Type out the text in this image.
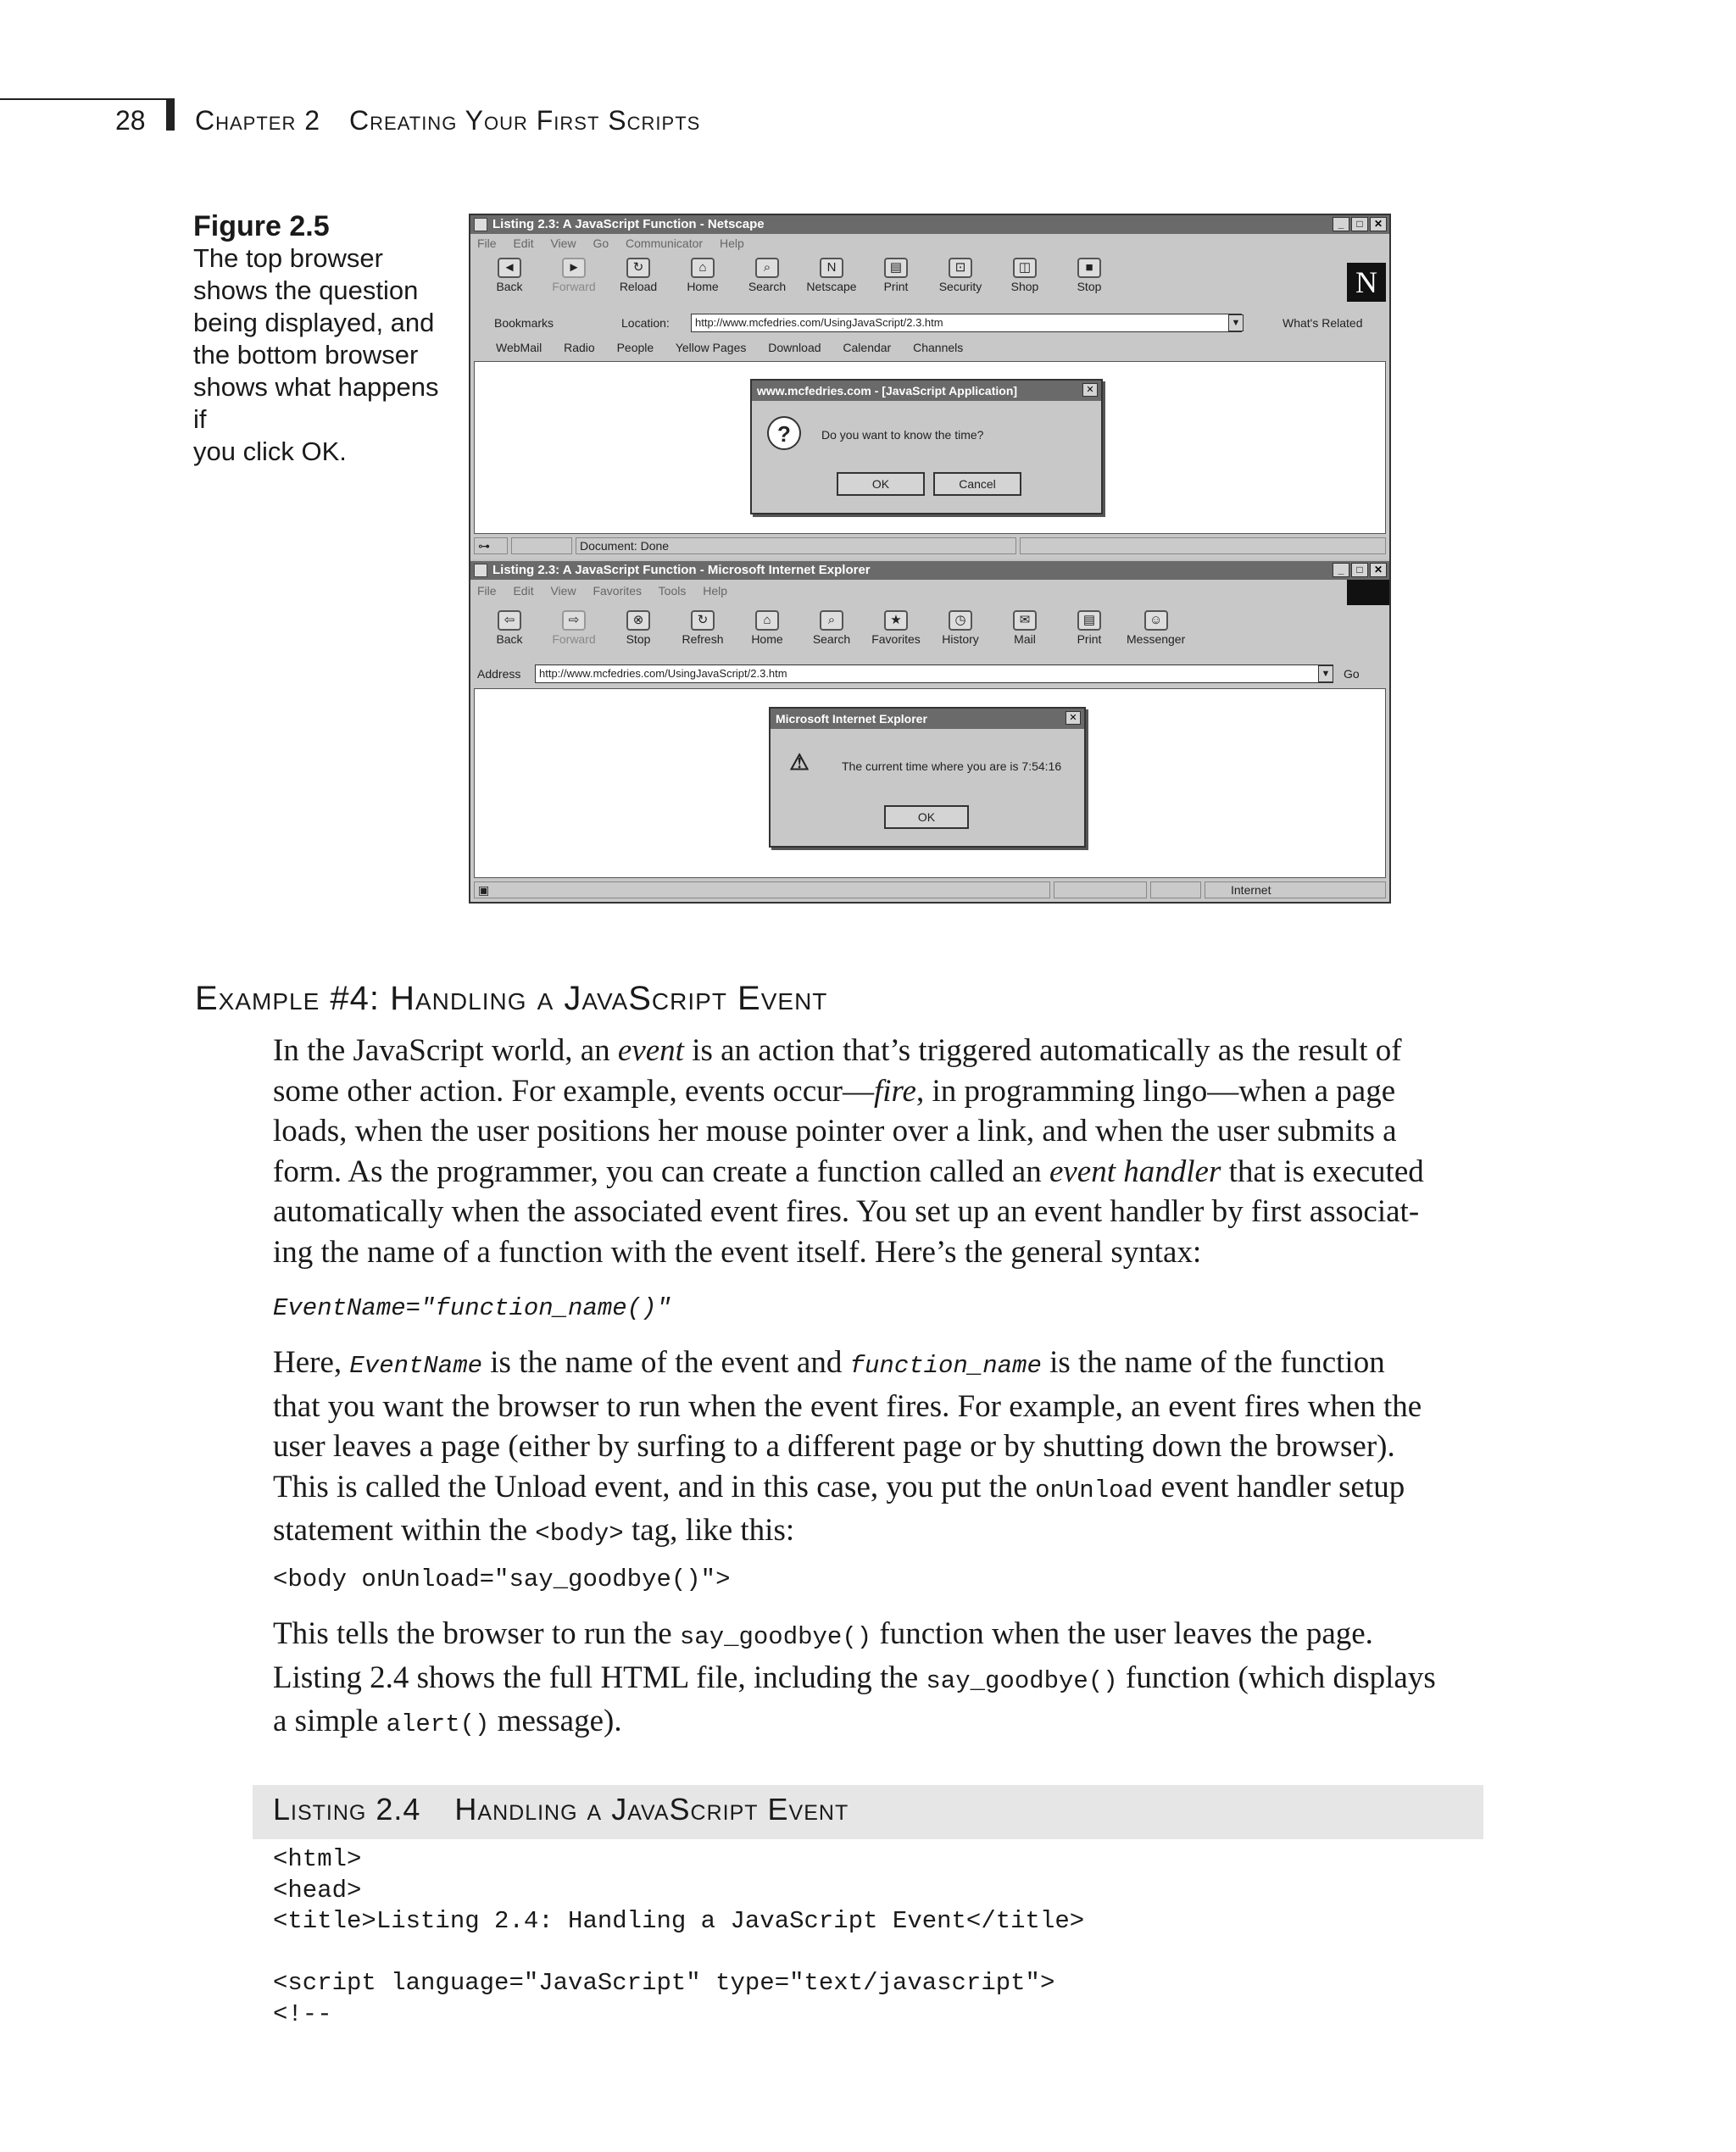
28 Chapter 2 Creating Your First Scripts
Figure 2.5
The top browser
shows the question
being displayed, and
the bottom browser
shows what happens if
you click OK.
Listing 2.3: A JavaScript Function - Netscape	_	□	✕
File Edit View Go Communicator Help
◄
Back
►
Forward
↻
Reload
⌂
Home
⌕
Search
N
Netscape
▤
Print
⊡
Security
◫
Shop
■
Stop	N
Bookmarks	Location:	http://www.mcfedries.com/UsingJavaScript/2.3.htm	▼	What's Related
WebMail Radio People Yellow Pages Download Calendar Channels
⊶	Document: Done
www.mcfedries.com - [JavaScript Application]	✕
?	Do you want to know the time?
OK	Cancel
Listing 2.3: A JavaScript Function - Microsoft Internet Explorer	_	□	✕
File Edit View Favorites Tools Help
⇦
Back
⇨
Forward
⊗
Stop
↻
Refresh
⌂
Home
⌕
Search
★
Favorites
◷
History
✉
Mail
▤
Print
☺
Messenger
Address	http://www.mcfedries.com/UsingJavaScript/2.3.htm	▼ Go
▣	Internet
Microsoft Internet Explorer	✕
⚠	The current time where you are is 7:54:16
OK
Example #4: Handling a JavaScript Event
In the JavaScript world, an event is an action that’s triggered automatically as the result of
some other action. For example, events occur—fire, in programming lingo—when a page
loads, when the user positions her mouse pointer over a link, and when the user submits a
form. As the programmer, you can create a function called an event handler that is executed
automatically when the associated event fires. You set up an event handler by first associat-
ing the name of a function with the event itself. Here’s the general syntax:
EventName="function_name()"
Here, EventName is the name of the event and function_name is the name of the function
that you want the browser to run when the event fires. For example, an event fires when the
user leaves a page (either by surfing to a different page or by shutting down the browser).
This is called the Unload event, and in this case, you put the onUnload event handler setup
statement within the <body> tag, like this:
<body onUnload="say_goodbye()">
This tells the browser to run the say_goodbye() function when the user leaves the page.
Listing 2.4 shows the full HTML file, including the say_goodbye() function (which displays
a simple alert() message).
Listing 2.4 Handling a JavaScript Event
<html>
<head>
<title>Listing 2.4: Handling a JavaScript Event</title>

<script language="JavaScript" type="text/javascript">
<!--
